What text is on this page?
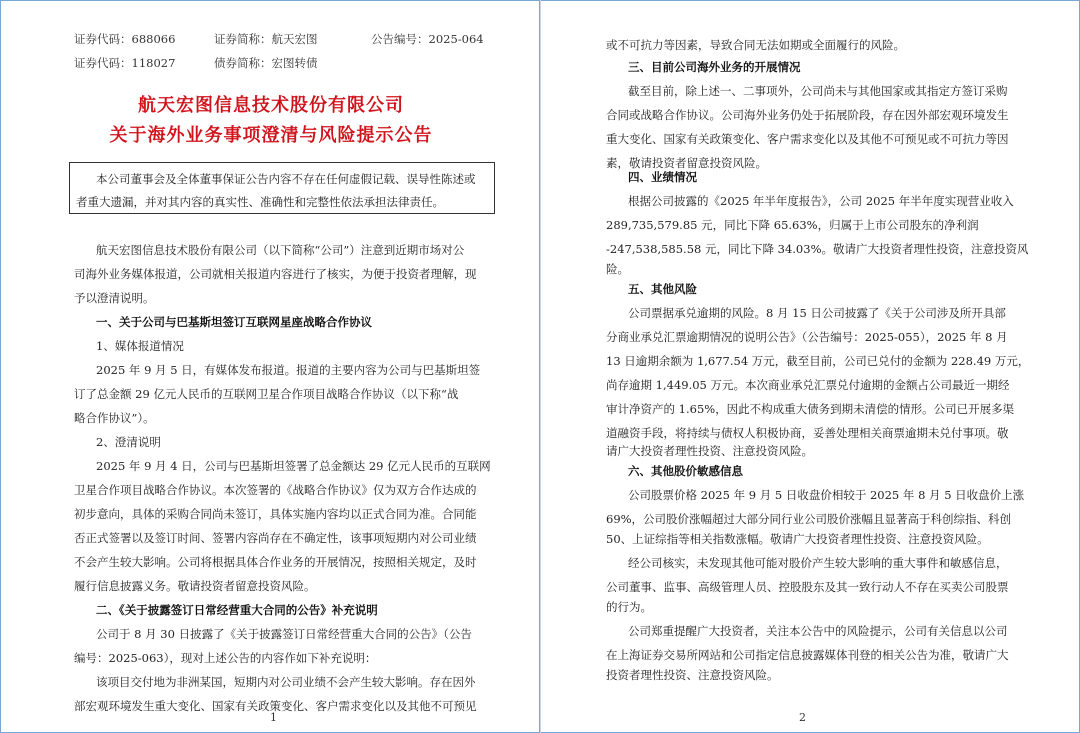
证券代码：688066	证券简称：航天宏图	公告编号：2025-064
证券代码：118027	债券简称：宏图转债
航天宏图信息技术股份有限公司
关于海外业务事项澄清与风险提示公告
本公司董事会及全体董事保证公告内容不存在任何虚假记载、误导性陈述或
者重大遗漏，并对其内容的真实性、准确性和完整性依法承担法律责任。
航天宏图信息技术股份有限公司（以下简称“公司”）注意到近期市场对公
司海外业务媒体报道，公司就相关报道内容进行了核实，为便于投资者理解，现
予以澄清说明。
一、关于公司与巴基斯坦签订互联网星座战略合作协议
1、媒体报道情况
2025 年 9 月 5 日，有媒体发布报道。报道的主要内容为公司与巴基斯坦签
订了总金额 29 亿元人民币的互联网卫星合作项目战略合作协议（以下称“战
略合作协议”）。
2、澄清说明
2025 年 9 月 4 日，公司与巴基斯坦签署了总金额达 29 亿元人民币的互联网
卫星合作项目战略合作协议。本次签署的《战略合作协议》仅为双方合作达成的
初步意向，具体的采购合同尚未签订，具体实施内容均以正式合同为准。合同能
否正式签署以及签订时间、签署内容尚存在不确定性，该事项短期内对公司业绩
不会产生较大影响。公司将根据具体合作业务的开展情况，按照相关规定，及时
履行信息披露义务。敬请投资者留意投资风险。
二、《关于披露签订日常经营重大合同的公告》补充说明
公司于 8 月 30 日披露了《关于披露签订日常经营重大合同的公告》（公告
编号：2025-063），现对上述公告的内容作如下补充说明：
该项目交付地为非洲某国，短期内对公司业绩不会产生较大影响。存在因外
部宏观环境发生重大变化、国家有关政策变化、客户需求变化以及其他不可预见
1
或不可抗力等因素，导致合同无法如期或全面履行的风险。
三、目前公司海外业务的开展情况
截至目前，除上述一、二事项外，公司尚未与其他国家或其指定方签订采购
合同或战略合作协议。公司海外业务仍处于拓展阶段，存在因外部宏观环境发生
重大变化、国家有关政策变化、客户需求变化以及其他不可预见或不可抗力等因
素，敬请投资者留意投资风险。
四、业绩情况
根据公司披露的《2025 年半年度报告》，公司 2025 年半年度实现营业收入
289,735,579.85 元，同比下降 65.63%，归属于上市公司股东的净利润
-247,538,585.58 元，同比下降 34.03%。敬请广大投资者理性投资，注意投资风
险。
五、其他风险
公司票据承兑逾期的风险。8 月 15 日公司披露了《关于公司涉及所开具部
分商业承兑汇票逾期情况的说明公告》（公告编号：2025-055），2025 年 8 月
13 日逾期余额为 1,677.54 万元，截至目前，公司已兑付的金额为 228.49 万元，
尚存逾期 1,449.05 万元。本次商业承兑汇票兑付逾期的金额占公司最近一期经
审计净资产的 1.65%，因此不构成重大债务到期未清偿的情形。公司已开展多渠
道融资手段，将持续与债权人积极协商，妥善处理相关商票逾期未兑付事项。敬
请广大投资者理性投资、注意投资风险。
六、其他股价敏感信息
公司股票价格 2025 年 9 月 5 日收盘价相较于 2025 年 8 月 5 日收盘价上涨
69%，公司股价涨幅超过大部分同行业公司股价涨幅且显著高于科创综指、科创
50、上证综指等相关指数涨幅。敬请广大投资者理性投资、注意投资风险。
经公司核实，未发现其他可能对股价产生较大影响的重大事件和敏感信息，
公司董事、监事、高级管理人员、控股股东及其一致行动人不存在买卖公司股票
的行为。
公司郑重提醒广大投资者，关注本公告中的风险提示，公司有关信息以公司
在上海证券交易所网站和公司指定信息披露媒体刊登的相关公告为准，敬请广大
投资者理性投资、注意投资风险。
2
